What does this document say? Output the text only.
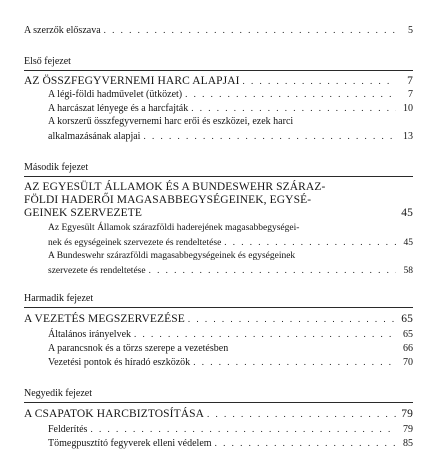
A szerzők előszava . . .	5
Első fejezet
AZ ÖSSZFEGYVERNEMI HARC ALAPJAI . . .	7
A légi-földi hadművelet (ütközet) . . .	7
A harcászat lényege és a harcfajták . . .	10
A korszerű összfegyvernemi harc erői és eszközei, ezek harci
alkalmazásának alapjai . . .	13
Második fejezet
AZ EGYESÜLT ÁLLAMOK ÉS A BUNDESWEHR SZÁRAZ-
FÖLDI HADERŐI MAGASABBEGYSÉGEINEK, EGYSÉ-
GEINEK SZERVEZETE	45
Az Egyesült Államok szárazföldi haderejének magasabbegységei-
nek és egységeinek szervezete és rendeltetése . . .	45
A Bundeswehr szárazföldi magasabbegységeinek és egységeinek
szervezete és rendeltetése . . .	58
Harmadik fejezet
A VEZETÉS MEGSZERVEZÉSE . . .	65
Általános irányelvek . . .	65
A parancsnok és a törzs szerepe a vezetésben	66
Vezetési pontok és híradó eszközök . . .	70
Negyedik fejezet
A CSAPATOK HARCBIZTOSÍTÁSA . . .	79
Felderítés . . .	79
Tömegpusztító fegyverek elleni védelem . . .	85
